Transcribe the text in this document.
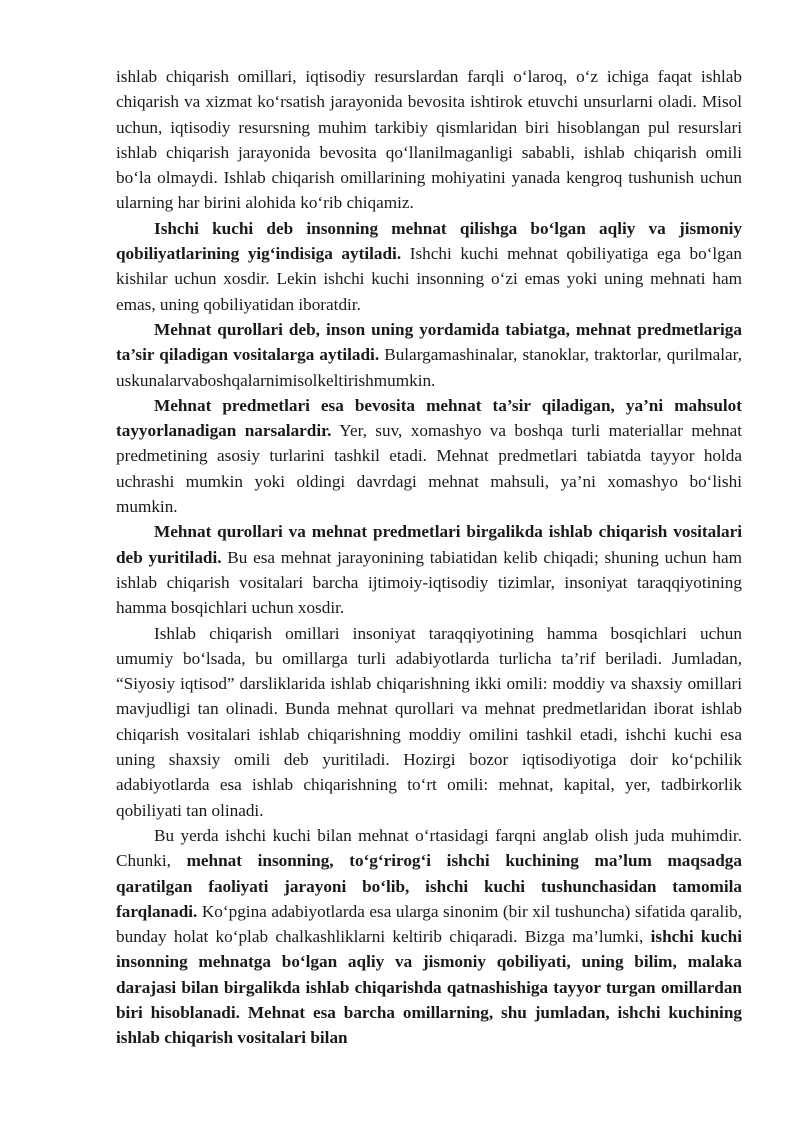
ishlab chiqarish omillari, iqtisodiy resurslardan farqli o‘laroq, o‘z ichiga faqat ishlab chiqarish va xizmat ko‘rsatish jarayonida bevosita ishtirok etuvchi unsurlarni oladi. Misol uchun, iqtisodiy resursning muhim tarkibiy qismlaridan biri hisoblangan pul resurslari ishlab chiqarish jarayonida bevosita qo‘llanilmaganligi sababli, ishlab chiqarish omili bo‘la olmaydi. Ishlab chiqarish omillarining mohiyatini yanada kengroq tushunish uchun ularning har birini alohida ko‘rib chiqamiz.

Ishchi kuchi deb insonning mehnat qilishga bo‘lgan aqliy va jismoniy qobiliyatlarining yig‘indisiga aytiladi. Ishchi kuchi mehnat qobiliyatiga ega bo‘lgan kishilar uchun xosdir. Lekin ishchi kuchi insonning o‘zi emas yoki uning mehnati ham emas, uning qobiliyatidan iboratdir.

Mehnat qurollari deb, inson uning yordamida tabiatga, mehnat predmetlariga ta’sir qiladigan vositalarga aytiladi. Bulargamashinalar, stanoklar, traktorlar, qurilmalar, uskunalarvaboshqalarnimisolkeltirishmumkin.

Mehnat predmetlari esa bevosita mehnat ta’sir qiladigan, ya’ni mahsulot tayyorlanadigan narsalardir. Yer, suv, xomashyo va boshqa turli materiallar mehnat predmetining asosiy turlarini tashkil etadi. Mehnat predmetlari tabiatda tayyor holda uchrashi mumkin yoki oldingi davrdagi mehnat mahsuli, ya’ni xomashyo bo‘lishi mumkin.

Mehnat qurollari va mehnat predmetlari birgalikda ishlab chiqarish vositalari deb yuritiladi. Bu esa mehnat jarayonining tabiatidan kelib chiqadi; shuning uchun ham ishlab chiqarish vositalari barcha ijtimoiy-iqtisodiy tizimlar, insoniyat taraqqiyotining hamma bosqichlari uchun xosdir.

Ishlab chiqarish omillari insoniyat taraqqiyotining hamma bosqichlari uchun umumiy bo‘lsada, bu omillarga turli adabiyotlarda turlicha ta’rif beriladi. Jumladan, “Siyosiy iqtisod” darsliklarida ishlab chiqarishning ikki omili: moddiy va shaxsiy omillari mavjudligi tan olinadi. Bunda mehnat qurollari va mehnat predmetlaridan iborat ishlab chiqarish vositalari ishlab chiqarishning moddiy omilini tashkil etadi, ishchi kuchi esa uning shaxsiy omili deb yuritiladi. Hozirgi bozor iqtisodiyotiga doir ko‘pchilik adabiyotlarda esa ishlab chiqarishning to‘rt omili: mehnat, kapital, yer, tadbirkorlik qobiliyati tan olinadi.

Bu yerda ishchi kuchi bilan mehnat o‘rtasidagi farqni anglab olish juda muhimdir. Chunki, mehnat insonning, to‘g‘rirog‘i ishchi kuchining ma’lum maqsadga qaratilgan faoliyati jarayoni bo‘lib, ishchi kuchi tushunchasidan tamomila farqlanadi. Ko‘pgina adabiyotlarda esa ularga sinonim (bir xil tushuncha) sifatida qaralib, bunday holat ko‘plab chalkashliklarni keltirib chiqaradi. Bizga ma’lumki, ishchi kuchi insonning mehnatga bo‘lgan aqliy va jismoniy qobiliyati, uning bilim, malaka darajasi bilan birgalikda ishlab chiqarishda qatnashishiga tayyor turgan omillardan biri hisoblanadi. Mehnat esa barcha omillarning, shu jumladan, ishchi kuchining ishlab chiqarish vositalari bilan
